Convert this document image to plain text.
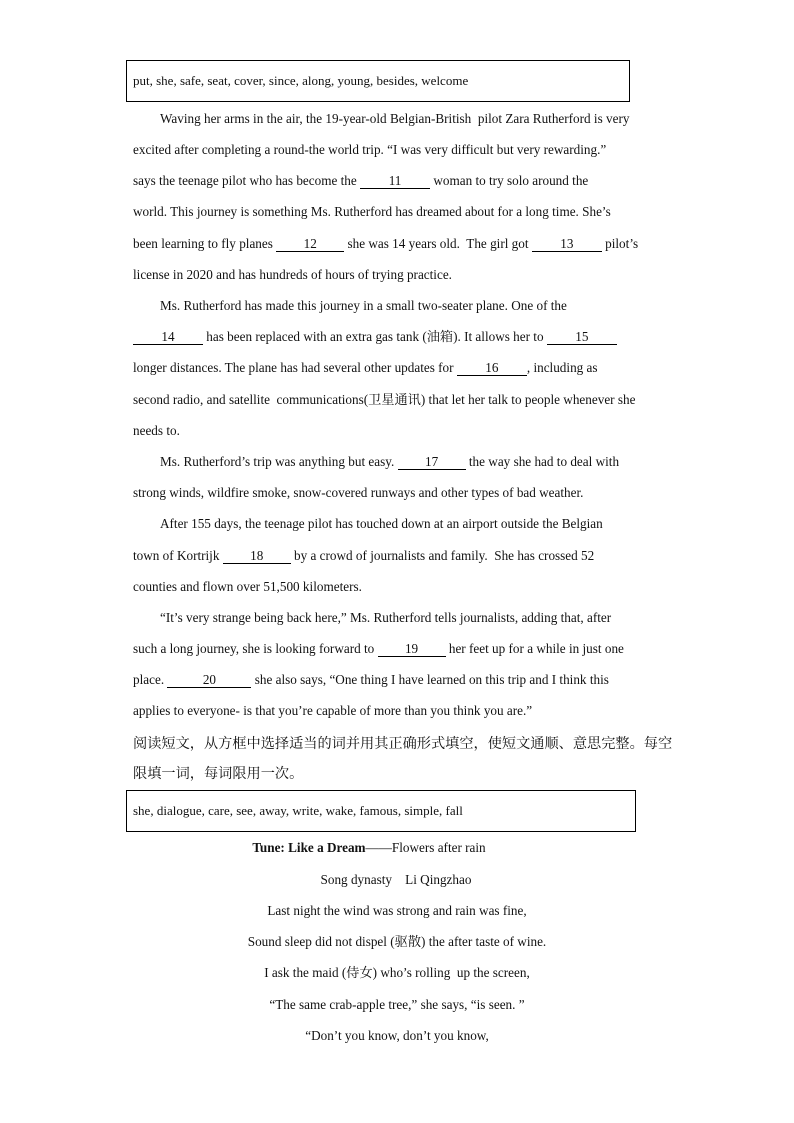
put, she, safe, seat, cover, since, along, young, besides, welcome
Waving her arms in the air, the 19-year-old Belgian-British  pilot Zara Rutherford is very
excited after completing a round-the world trip. “I was very difficult but very rewarding.”
says the teenage pilot who has become the 11 woman to try solo around the
world. This journey is something Ms. Rutherford has dreamed about for a long time. She’s
been learning to fly planes 12 she was 14 years old.  The girl got 13 pilot’s
license in 2020 and has hundreds of hours of trying practice.
Ms. Rutherford has made this journey in a small two-seater plane. One of the
14 has been replaced with an extra gas tank (油箱). It allows her to 15
longer distances. The plane has had several other updates for 16 , including as
second radio, and satellite  communications(卫星通讯) that let her talk to people whenever she
needs to.
Ms. Rutherford’s trip was anything but easy. 17 the way she had to deal with
strong winds, wildfire smoke, snow-covered runways and other types of bad weather.
After 155 days, the teenage pilot has touched down at an airport outside the Belgian
town of Kortrijk 18 by a crowd of journalists and family.  She has crossed 52
counties and flown over 51,500 kilometers.
“It’s very strange being back here,” Ms. Rutherford tells journalists, adding that, after
such a long journey, she is looking forward to 19 her feet up for a while in just one
place.	20	she also says, “One thing I have learned on this trip and I think this
applies to everyone- is that you’re capable of more than you think you are.”
阅读短文，从方框中选择适当的词并用其正确形式填空，使短文通顺、意思完整。每空
限填一词，每词限用一次。
she, dialogue, care, see, away, write, wake, famous, simple, fall
Tune: Like a Dream——Flowers after rain
Song dynasty    Li Qingzhao
Last night the wind was strong and rain was fine,
Sound sleep did not dispel (驱散) the after taste of wine.
I ask the maid (侍女) who’s rolling  up the screen,
“The same crab-apple tree,” she says, “is seen. ”
“Don’t you know, don’t you know,
